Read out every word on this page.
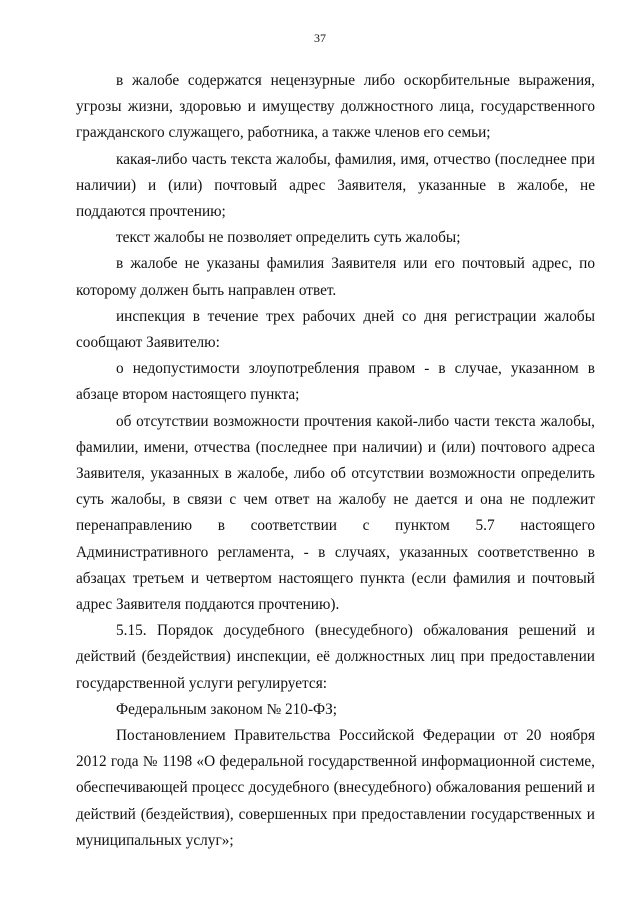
37

в жалобе содержатся нецензурные либо оскорбительные выражения, угрозы жизни, здоровью и имуществу должностного лица, государственного гражданского служащего, работника, а также членов его семьи;

какая-либо часть текста жалобы, фамилия, имя, отчество (последнее при наличии) и (или) почтовый адрес Заявителя, указанные в жалобе, не поддаются прочтению;

текст жалобы не позволяет определить суть жалобы;

в жалобе не указаны фамилия Заявителя или его почтовый адрес, по которому должен быть направлен ответ.

инспекция в течение трех рабочих дней со дня регистрации жалобы сообщают Заявителю:

о недопустимости злоупотребления правом - в случае, указанном в абзаце втором настоящего пункта;

об отсутствии возможности прочтения какой-либо части текста жалобы, фамилии, имени, отчества (последнее при наличии) и (или) почтового адреса Заявителя, указанных в жалобе, либо об отсутствии возможности определить суть жалобы, в связи с чем ответ на жалобу не дается и она не подлежит перенаправлению в соответствии с пунктом 5.7 настоящего Административного регламента, - в случаях, указанных соответственно в абзацах третьем и четвертом настоящего пункта (если фамилия и почтовый адрес Заявителя поддаются прочтению).

5.15. Порядок досудебного (внесудебного) обжалования решений и действий (бездействия) инспекции, её должностных лиц при предоставлении государственной услуги регулируется:

Федеральным законом № 210-ФЗ;

Постановлением Правительства Российской Федерации от 20 ноября 2012 года № 1198 «О федеральной государственной информационной системе, обеспечивающей процесс досудебного (внесудебного) обжалования решений и действий (бездействия), совершенных при предоставлении государственных и муниципальных услуг»;
